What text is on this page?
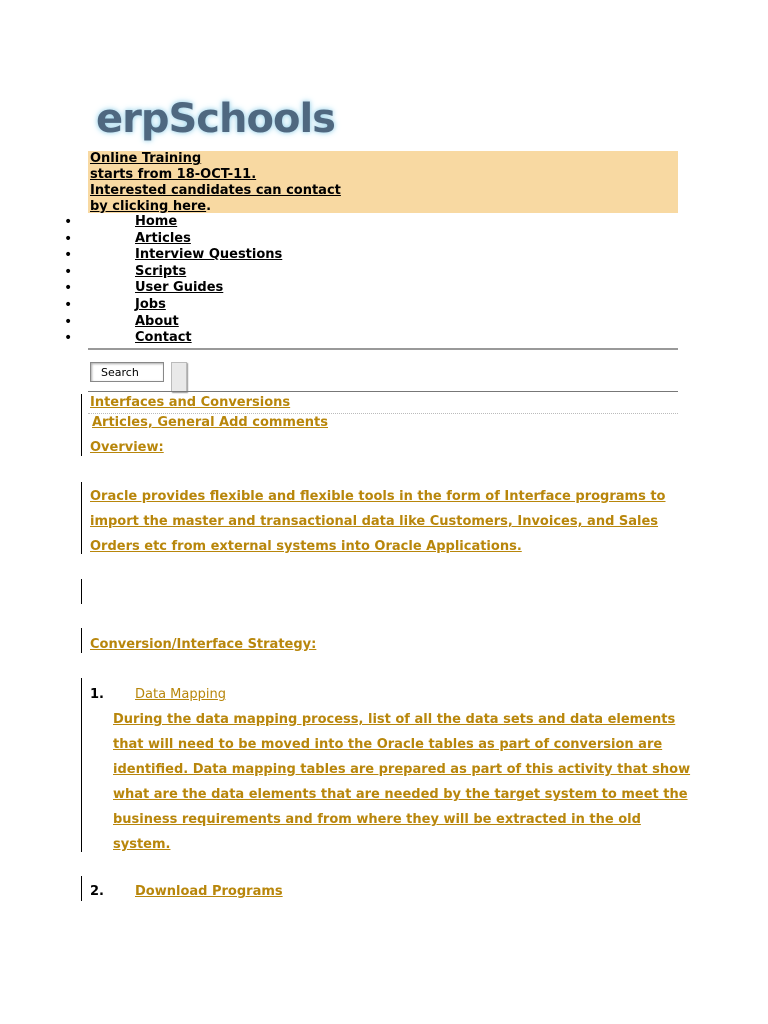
erpSchools
Online Training
starts from 18-OCT-11.
Interested candidates can contact
by clicking here.
•	Home
•	Articles
•	Interview Questions
•	Scripts
•	User Guides
•	Jobs
•	About
•	Contact
Search
Interfaces and Conversions
Articles, General Add comments
Overview:
Oracle provides flexible and flexible tools in the form of Interface programs to
import the master and transactional data like Customers, Invoices, and Sales
Orders etc from external systems into Oracle Applications.
Conversion/Interface Strategy:
1. Data Mapping
During the data mapping process, list of all the data sets and data elements
that will need to be moved into the Oracle tables as part of conversion are
identified. Data mapping tables are prepared as part of this activity that show
what are the data elements that are needed by the target system to meet the
business requirements and from where they will be extracted in the old
system.
2. Download Programs
